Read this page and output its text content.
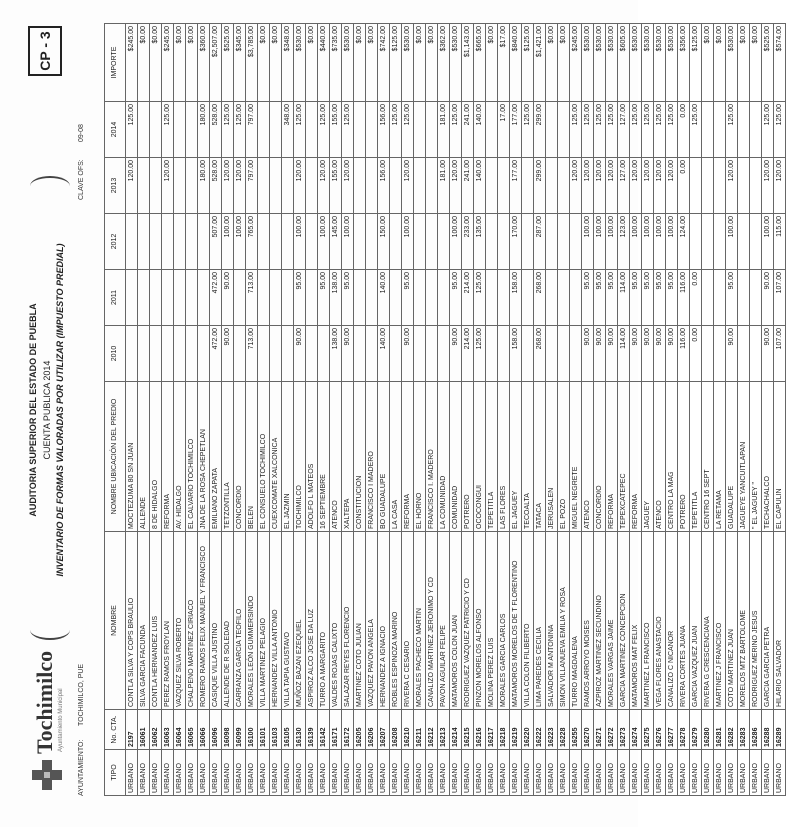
Tochimilco Ayuntamiento Municipal
AUDITORIA SUPERIOR DEL ESTADO DE PUEBLA CUENTA PUBLICA 2014 INVENTARIO DE FORMAS VALORADAS POR UTILIZAR (IMPUESTO PREDIAL)
AYUNTAMIENTO:
TOCHIMILCO, PUE
CLAVE OFS:
09-08
CP - 3
TIPO	No. CTA.	NOMBRE	NOMBRE UBICACIÓN DEL PREDIO	2010	2011	2012	2013	2014	IMPORTE
URBANO	2197	CONTLA SILVA Y COPS BRAULIO	MOCTEZUMA 80 SN JUAN				120.00	125.00	$245.00
URBANO	16061	SILVA GARCIA FACUNDA	ALLENDE						$0.00
URBANO	16062	CONTLA HERNANDEZ LUIS	8 DE HIDALGO						$0.00
URBANO	16063	PEREZ RAMOS FROYLAN	REFORMA				120.00	125.00	$245.00
URBANO	16064	VAZQUEZ SILVA ROBERTO	AV. HIDALGO						$0.00
URBANO	16065	CHALPENO MARTINEZ CIRIACO	EL CALVARIO TOCHIMILCO						$0.00
URBANO	16066	ROMERO RAMOS FELIX MANUEL Y FRANCISCO	JNA DE LA ROSA CHEPETLAN				180.00	180.00	$360.00
URBANO	16096	CASIQUE VILLA JUSTINO	EMILIANO ZAPATA	472.00	472.00	507.00	528.00	528.00	$2,507.00
URBANO	16098	ALLENDE DE R SOLEDAD	TETZONTILLA	90.00	90.00	100.00	120.00	125.00	$525.00
URBANO	16099	CARRANZA GARCIA TEOFILO	CONCORDIO			100.00	120.00	125.00	$345.00
URBANO	16100	MORALES LEÓN GUMMERSINDO	BELEN	713.00	713.00	765.00	797.00	797.00	$3,785.00
URBANO	16101	VILLA MARTINEZ PELAGIO	EL CONSUELO TOCHIMILCO						$0.00
URBANO	16103	HERNANDEZ VILLA ANTONIO	CUEXCOMATE XALCONICA						$0.00
URBANO	16105	VILLA TAPIA GUSTAVO	EL JAZMIN					348.00	$348.00
URBANO	16130	MUÑOZ BAZAN EZEQUIEL	TOCHIMILCO	90.00	95.00	100.00	120.00	125.00	$530.00
URBANO	16139	ASPIROZ ALCO JOSE DA LUZ	ADOLFO L MATEOS						$0.00
URBANO	16142	TURRO A MARGARITO	16 SEPTIEMBRE		95.00	100.00	120.00	125.00	$440.00
URBANO	16171	VALDES ROJAS CALIXTO	ATENCO	138.00	138.00	145.00	155.00	155.00	$735.00
URBANO	16172	SALAZAR REYES FLORENCIO	XALTEPA	90.00	95.00	100.00	120.00	125.00	$530.00
URBANO	16205	MARTINEZ COTO JULIAN	CONSTITUCION						$0.00
URBANO	16206	VAZQUEZ PAVON ANGELA	FRANCISCO I MADERO						$0.00
URBANO	16207	HERNANDEZ A IGNACIO	BO GUADALUPE	140.00	140.00	150.00	156.00	156.00	$742.00
URBANO	16208	ROBLES ESPINOZA MARINO	LA CASA					125.00	$125.00
URBANO	16210	RIVERA C CESARIO	REFORMA	90.00	95.00	100.00	120.00	125.00	$530.00
URBANO	16211	MORALES PACHECO MARTIN	EL HORNO						$0.00
URBANO	16212	CANALIZO MARTINEZ JERONIMO Y CD	FRANCISCO I. MADERO						$0.00
URBANO	16213	PAVON AGUILAR FELIPE	LA COMUNIDAD				181.00	181.00	$362.00
URBANO	16214	MATAMOROS COLON JUAN	COMUNIDAD	90.00	95.00	100.00	120.00	125.00	$530.00
URBANO	16215	RODRIGUEZ VAZQUEZ PATRICIO Y CD	POTRERO	214.00	214.00	233.00	241.00	241.00	$1,143.00
URBANO	16216	PINZON MORELOS ALFONSO	OCOCONGUI	125.00	125.00	135.00	140.00	140.00	$665.00
URBANO	16217	MOLINA PEREZ LUIS	TEPETITLA						$0.00
URBANO	16218	MORALES GARCIA CARLOS	LAS FLORES					17.00	$17.00
URBANO	16219	MATAMOROS MORELOS DE T FLORENTINO	EL JAGUEY	158.00	158.00	170.00	177.00	177.00	$840.00
URBANO	16220	VILLA COLON FILIBERTO	TECOALTA					125.00	$125.00
URBANO	16222	LIMA PAREDES CECILIA	TATACA	268.00	268.00	287.00	299.00	299.00	$1,421.00
URBANO	16223	SALVADOR M ANTONINA	JERUSALEN						$0.00
URBANO	16228	SIMON VILLANUEVA EMILIA Y ROSA	EL POZO						$0.00
URBANO	16255	TURRO MAGDALENA	MIGUEL NEGRETE				120.00	125.00	$245.00
URBANO	16270	RAMOS ARROYO MOISES	ATENCO	90.00	95.00	100.00	120.00	125.00	$530.00
URBANO	16271	AZPIROZ MARTINEZ SECUNDINO	CONCORDIO	90.00	95.00	100.00	120.00	125.00	$530.00
URBANO	16272	MORALES VARGAS JAIME	REFORMA	90.00	95.00	100.00	120.00	125.00	$530.00
URBANO	16273	GARCIA MARTINEZ CONCEPCION	TEPEXCATEPEC	114.00	114.00	123.00	127.00	127.00	$605.00
URBANO	16274	MATAMOROS MAT FELIX	REFORMA	90.00	95.00	100.00	120.00	125.00	$530.00
URBANO	16275	MARTINEZ L FRANCISCO	JAGUEY	90.00	95.00	100.00	120.00	125.00	$530.00
URBANO	16276	VEGA FLORES ANASTACIO	ATENCO	90.00	95.00	100.00	120.00	125.00	$530.00
URBANO	16277	CANALIZO C NICANOR	CENTRO LA MAG	90.00	95.00	100.00	120.00	125.00	$530.00
URBANO	16278	RIVERA CORTES JUANA	POTRERO	116.00	116.00	124.00	0.00	0.00	$356.00
URBANO	16279	GARCIA VAZQUEZ JUAN	TEPETITLA	0.00	0.00			125.00	$125.00
URBANO	16280	RIVERA G CRESCENCIANA	CENTRO 16 SEPT						$0.00
URBANO	16281	MARTINEZ J FRANCISCO	LA RETAMA						$0.00
URBANO	16282	COTO MARTINEZ JUAN	GUADALUPE	90.00	95.00	100.00	120.00	125.00	$530.00
URBANO	16283	MORELOS MTZ BARTOLOME	JAGUEYE YANCUITLAPAN						$0.00
URBANO	16286	RODRIGUEZ MERINO JESUS	" EL JAGUEY "						$0.00
URBANO	16288	GARCIA GARCIA PETRA	TECHACHALCO	90.00	90.00	100.00	120.00	125.00	$525.00
URBANO	16289	HILARIO SALVADOR	EL CAPULIN	107.00	107.00	115.00	120.00	125.00	$574.00
